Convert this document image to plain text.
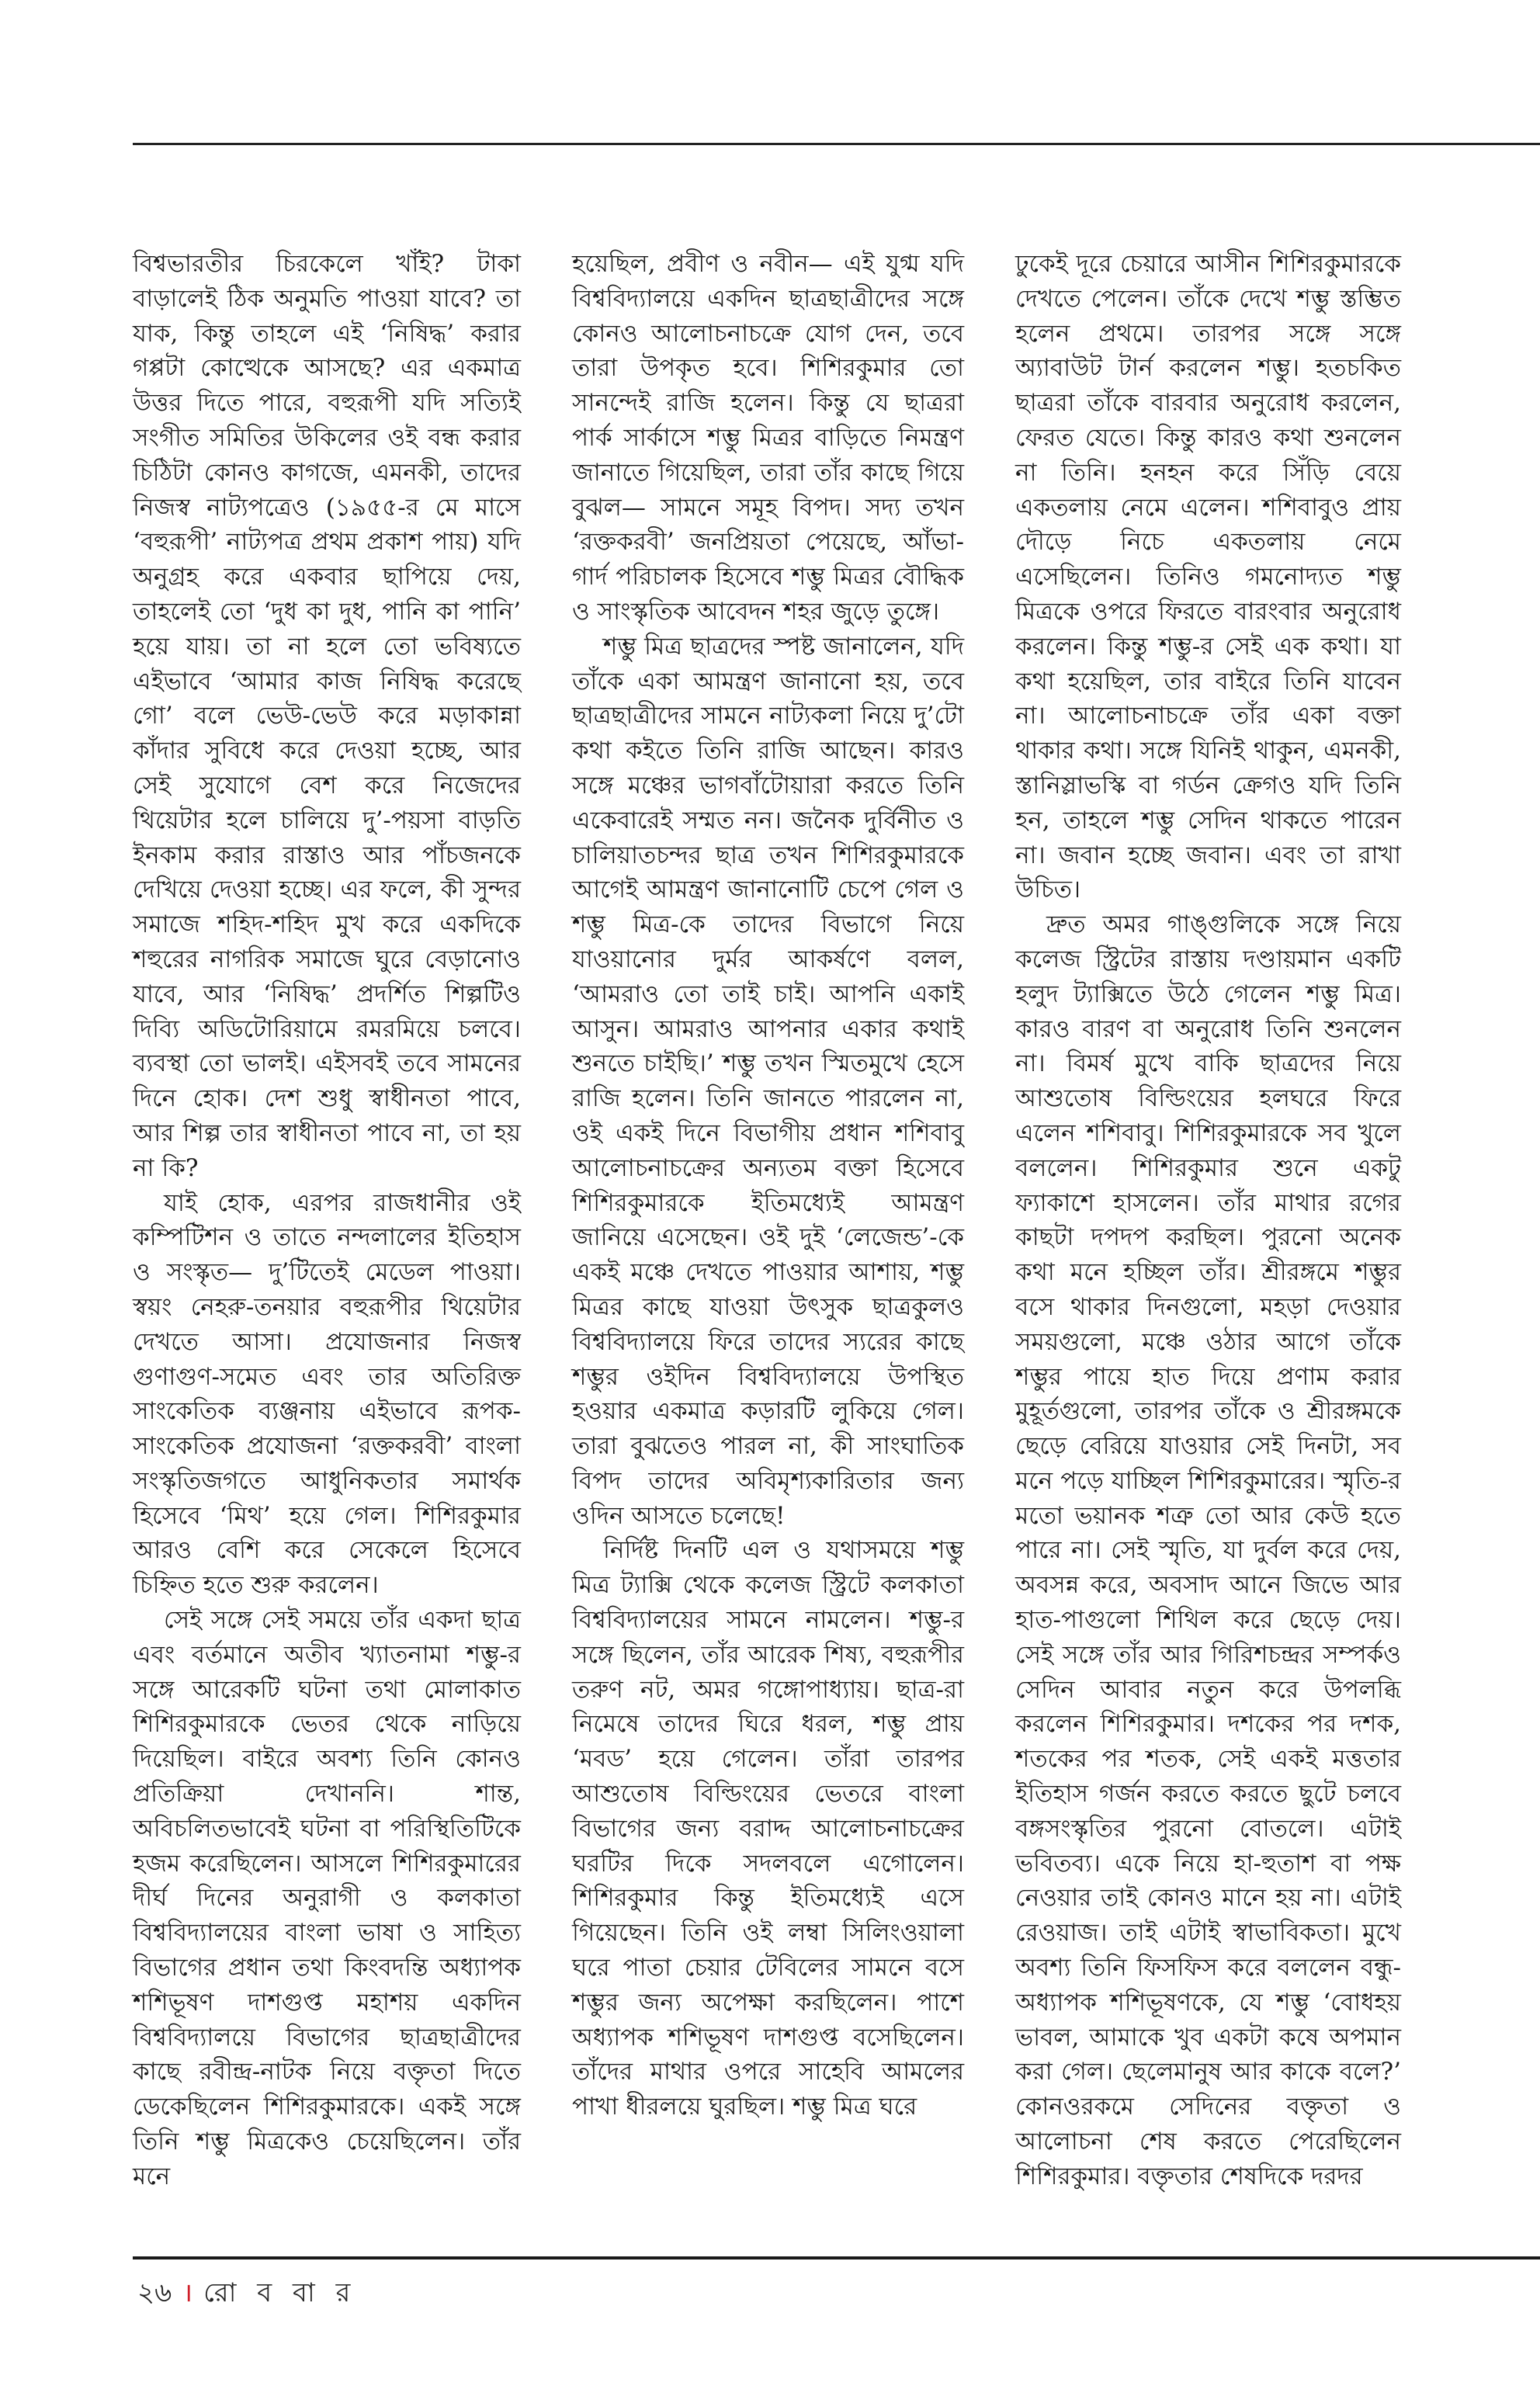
বিশ্বভারতীর চিরকেলে খাঁই? টাকা বাড়ালেই ঠিক অনুমতি পাওয়া যাবে? তা যাক, কিন্তু তাহলে এই ‘নিষিদ্ধ’ করার গপ্পটা কোত্থেকে আসছে? এর একমাত্র উত্তর দিতে পারে, বহুরূপী যদি সত্যিই সংগীত সমিতির উকিলের ওই বন্ধ করার চিঠিটা কোনও কাগজে, এমনকী, তাদের নিজস্ব নাট্যপত্রেও (১৯৫৫-র মে মাসে ‘বহুরূপী’ নাট্যপত্র প্রথম প্রকাশ পায়) যদি অনুগ্রহ করে একবার ছাপিয়ে দেয়, তাহলেই তো ‘দুধ কা দুধ, পানি কা পানি’ হয়ে যায়। তা না হলে তো ভবিষ্যতে এইভাবে ‘আমার কাজ নিষিদ্ধ করেছে গো’ বলে ভেউ-ভেউ করে মড়াকান্না কাঁদার সুবিধে করে দেওয়া হচ্ছে, আর সেই সুযোগে বেশ করে নিজেদের থিয়েটার হলে চালিয়ে দু’-পয়সা বাড়তি ইনকাম করার রাস্তাও আর পাঁচজনকে দেখিয়ে দেওয়া হচ্ছে। এর ফলে, কী সুন্দর সমাজে শহিদ-শহিদ মুখ করে একদিকে শহুরের নাগরিক সমাজে ঘুরে বেড়ানোও যাবে, আর ‘নিষিদ্ধ’ প্রদর্শিত শিল্পটিও দিব্যি অডিটোরিয়ামে রমরমিয়ে চলবে। ব্যবস্থা তো ভালই। এইসবই তবে সামনের দিনে হোক। দেশ শুধু স্বাধীনতা পাবে, আর শিল্প তার স্বাধীনতা পাবে না, তা হয় না কি?

যাই হোক, এরপর রাজধানীর ওই কম্পিটিশন ও তাতে নন্দলালের ইতিহাস ও সংস্কৃত— দু’টিতেই মেডেল পাওয়া। স্বয়ং নেহরু-তনয়ার বহুরূপীর থিয়েটার দেখতে আসা। প্রযোজনার নিজস্ব গুণাগুণ-সমেত এবং তার অতিরিক্ত সাংকেতিক ব্যঞ্জনায় এইভাবে রূপক-সাংকেতিক প্রযোজনা ‘রক্তকরবী’ বাংলা সংস্কৃতিজগতে আধুনিকতার সমার্থক হিসেবে ‘মিথ’ হয়ে গেল। শিশিরকুমার আরও বেশি করে সেকেলে হিসেবে চিহ্নিত হতে শুরু করলেন।

সেই সঙ্গে সেই সময়ে তাঁর একদা ছাত্র এবং বর্তমানে অতীব খ্যাতনামা শম্ভু-র সঙ্গে আরেকটি ঘটনা তথা মোলাকাত শিশিরকুমারকে ভেতর থেকে নাড়িয়ে দিয়েছিল। বাইরে অবশ্য তিনি কোনও প্রতিক্রিয়া দেখাননি। শান্ত, অবিচলিতভাবেই ঘটনা বা পরিস্থিতিটিকে হজম করেছিলেন। আসলে শিশিরকুমারের দীর্ঘ দিনের অনুরাগী ও কলকাতা বিশ্ববিদ্যালয়ের বাংলা ভাষা ও সাহিত্য বিভাগের প্রধান তথা কিংবদন্তি অধ্যাপক শশিভূষণ দাশগুপ্ত মহাশয় একদিন বিশ্ববিদ্যালয়ে বিভাগের ছাত্রছাত্রীদের কাছে রবীন্দ্র-নাটক নিয়ে বক্তৃতা দিতে ডেকেছিলেন শিশিরকুমারকে। একই সঙ্গে তিনি শম্ভু মিত্রকেও চেয়েছিলেন। তাঁর মনে

হয়েছিল, প্রবীণ ও নবীন— এই যুগ্ম যদি বিশ্ববিদ্যালয়ে একদিন ছাত্রছাত্রীদের সঙ্গে কোনও আলোচনাচক্রে যোগ দেন, তবে তারা উপকৃত হবে। শিশিরকুমার তো সানন্দেই রাজি হলেন। কিন্তু যে ছাত্ররা পার্ক সার্কাসে শম্ভু মিত্রর বাড়িতে নিমন্ত্রণ জানাতে গিয়েছিল, তারা তাঁর কাছে গিয়ে বুঝল— সামনে সমূহ বিপদ। সদ্য তখন ‘রক্তকরবী’ জনপ্রিয়তা পেয়েছে, আঁভা-গার্দ পরিচালক হিসেবে শম্ভু মিত্রর বৌদ্ধিক ও সাংস্কৃতিক আবেদন শহর জুড়ে তুঙ্গে।

শম্ভু মিত্র ছাত্রদের স্পষ্ট জানালেন, যদি তাঁকে একা আমন্ত্রণ জানানো হয়, তবে ছাত্রছাত্রীদের সামনে নাট্যকলা নিয়ে দু’টো কথা কইতে তিনি রাজি আছেন। কারও সঙ্গে মঞ্চের ভাগবাঁটোয়ারা করতে তিনি একেবারেই সম্মত নন। জনৈক দুর্বিনীত ও চালিয়াতচন্দর ছাত্র তখন শিশিরকুমারকে আগেই আমন্ত্রণ জানানোটি চেপে গেল ও শম্ভু মিত্র-কে তাদের বিভাগে নিয়ে যাওয়ানোর দুর্মর আকর্ষণে বলল, ‘আমরাও তো তাই চাই। আপনি একাই আসুন। আমরাও আপনার একার কথাই শুনতে চাইছি।’ শম্ভু তখন স্মিতমুখে হেসে রাজি হলেন। তিনি জানতে পারলেন না, ওই একই দিনে বিভাগীয় প্রধান শশিবাবু আলোচনাচক্রের অন্যতম বক্তা হিসেবে শিশিরকুমারকে ইতিমধ্যেই আমন্ত্রণ জানিয়ে এসেছেন। ওই দুই ‘লেজেন্ড’-কে একই মঞ্চে দেখতে পাওয়ার আশায়, শম্ভু মিত্রর কাছে যাওয়া উৎসুক ছাত্রকুলও বিশ্ববিদ্যালয়ে ফিরে তাদের স্যরের কাছে শম্ভুর ওইদিন বিশ্ববিদ্যালয়ে উপস্থিত হওয়ার একমাত্র কড়ারটি লুকিয়ে গেল। তারা বুঝতেও পারল না, কী সাংঘাতিক বিপদ তাদের অবিমৃশ্যকারিতার জন্য ওদিন আসতে চলেছে!

নির্দিষ্ট দিনটি এল ও যথাসময়ে শম্ভু মিত্র ট্যাক্সি থেকে কলেজ স্ট্রিটে কলকাতা বিশ্ববিদ্যালয়ের সামনে নামলেন। শম্ভু-র সঙ্গে ছিলেন, তাঁর আরেক শিষ্য, বহুরূপীর তরুণ নট, অমর গঙ্গোপাধ্যায়। ছাত্র-রা নিমেষে তাদের ঘিরে ধরল, শম্ভু প্রায় ‘মবড’ হয়ে গেলেন। তাঁরা তারপর আশুতোষ বিল্ডিংয়ের ভেতরে বাংলা বিভাগের জন্য বরাদ্দ আলোচনাচক্রের ঘরটির দিকে সদলবলে এগোলেন। শিশিরকুমার কিন্তু ইতিমধ্যেই এসে গিয়েছেন। তিনি ওই লম্বা সিলিংওয়ালা ঘরে পাতা চেয়ার টেবিলের সামনে বসে শম্ভুর জন্য অপেক্ষা করছিলেন। পাশে অধ্যাপক শশিভূষণ দাশগুপ্ত বসেছিলেন। তাঁদের মাথার ওপরে সাহেবি আমলের পাখা ধীরলয়ে ঘুরছিল। শম্ভু মিত্র ঘরে

ঢুকেই দূরে চেয়ারে আসীন শিশিরকুমারকে দেখতে পেলেন। তাঁকে দেখে শম্ভু স্তম্ভিত হলেন প্রথমে। তারপর সঙ্গে সঙ্গে অ্যাবাউট টার্ন করলেন শম্ভু। হতচকিত ছাত্ররা তাঁকে বারবার অনুরোধ করলেন, ফেরত যেতে। কিন্তু কারও কথা শুনলেন না তিনি। হনহন করে সিঁড়ি বেয়ে একতলায় নেমে এলেন। শশিবাবুও প্রায় দৌড়ে নিচে একতলায় নেমে এসেছিলেন। তিনিও গমনোদ্যত শম্ভু মিত্রকে ওপরে ফিরতে বারংবার অনুরোধ করলেন। কিন্তু শম্ভু-র সেই এক কথা। যা কথা হয়েছিল, তার বাইরে তিনি যাবেন না। আলোচনাচক্রে তাঁর একা বক্তা থাকার কথা। সঙ্গে যিনিই থাকুন, এমনকী, স্তানিস্লাভস্কি বা গর্ডন ক্রেগও যদি তিনি হন, তাহলে শম্ভু সেদিন থাকতে পারেন না। জবান হচ্ছে জবান। এবং তা রাখা উচিত।

দ্রুত অমর গাঙ্গুলিকে সঙ্গে নিয়ে কলেজ স্ট্রিটের রাস্তায় দণ্ডায়মান একটি হলুদ ট্যাক্সিতে উঠে গেলেন শম্ভু মিত্র। কারও বারণ বা অনুরোধ তিনি শুনলেন না। বিমর্ষ মুখে বাকি ছাত্রদের নিয়ে আশুতোষ বিল্ডিংয়ের হলঘরে ফিরে এলেন শশিবাবু। শিশিরকুমারকে সব খুলে বললেন। শিশিরকুমার শুনে একটু ফ্যাকাশে হাসলেন। তাঁর মাথার রগের কাছটা দপদপ করছিল। পুরনো অনেক কথা মনে হচ্ছিল তাঁর। শ্রীরঙ্গমে শম্ভুর বসে থাকার দিনগুলো, মহড়া দেওয়ার সময়গুলো, মঞ্চে ওঠার আগে তাঁকে শম্ভুর পায়ে হাত দিয়ে প্রণাম করার মুহূর্তগুলো, তারপর তাঁকে ও শ্রীরঙ্গমকে ছেড়ে বেরিয়ে যাওয়ার সেই দিনটা, সব মনে পড়ে যাচ্ছিল শিশিরকুমারের। স্মৃতি-র মতো ভয়ানক শত্রু তো আর কেউ হতে পারে না। সেই স্মৃতি, যা দুর্বল করে দেয়, অবসন্ন করে, অবসাদ আনে জিভে আর হাত-পাগুলো শিথিল করে ছেড়ে দেয়। সেই সঙ্গে তাঁর আর গিরিশচন্দ্রর সম্পর্কও সেদিন আবার নতুন করে উপলব্ধি করলেন শিশিরকুমার। দশকের পর দশক, শতকের পর শতক, সেই একই মত্ততার ইতিহাস গর্জন করতে করতে ছুটে চলবে বঙ্গসংস্কৃতির পুরনো বোতলে। এটাই ভবিতব্য। একে নিয়ে হা-হুতাশ বা পক্ষ নেওয়ার তাই কোনও মানে হয় না। এটাই রেওয়াজ। তাই এটাই স্বাভাবিকতা। মুখে অবশ্য তিনি ফিসফিস করে বললেন বন্ধু-অধ্যাপক শশিভূষণকে, যে শম্ভু ‘বোধহয় ভাবল, আমাকে খুব একটা কষে অপমান করা গেল। ছেলেমানুষ আর কাকে বলে?’ কোনওরকমে সেদিনের বক্তৃতা ও আলোচনা শেষ করতে পেরেছিলেন শিশিরকুমার। বক্তৃতার শেষদিকে দরদর

২৬ । রো ব বা র
